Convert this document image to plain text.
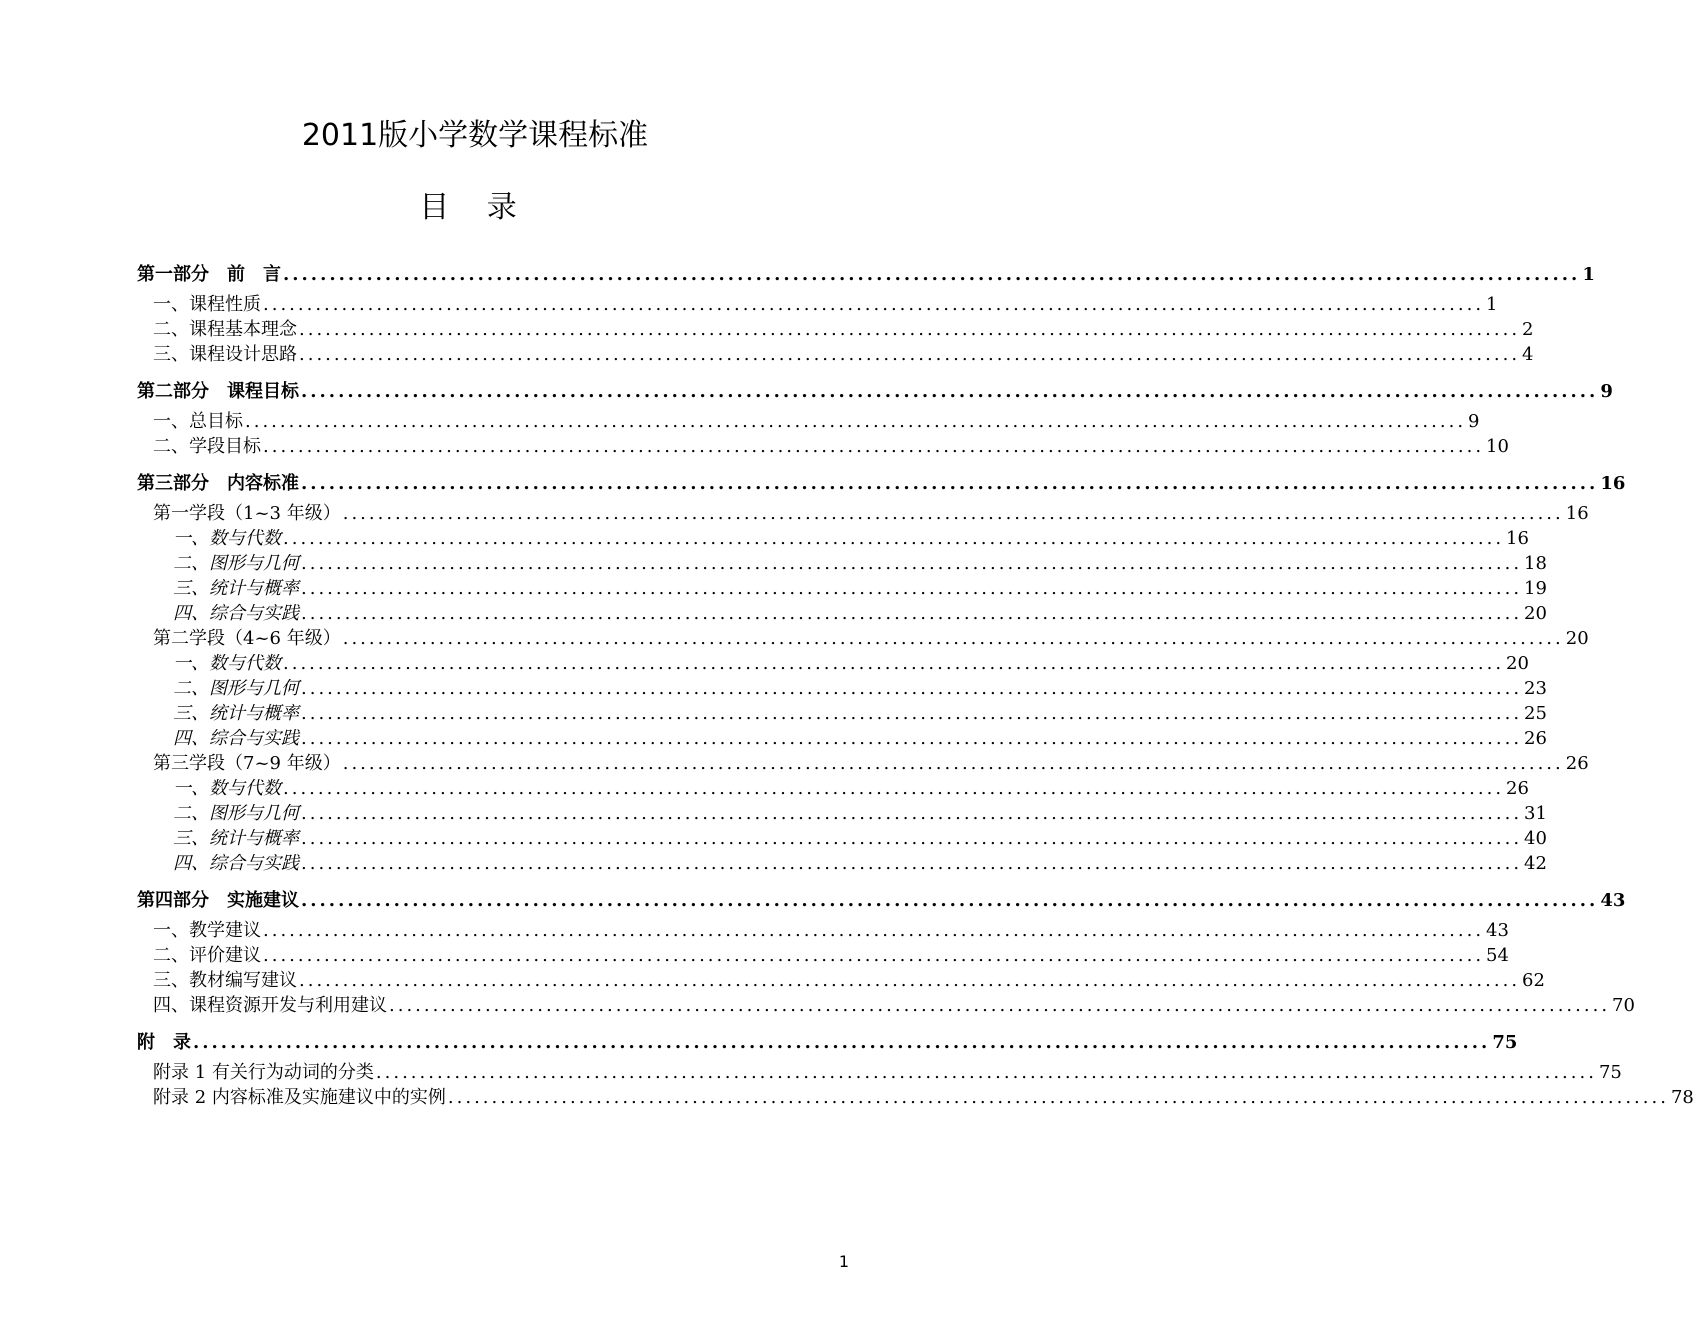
2011版小学数学课程标准
目 录
第一部分　前　言 ............................................................................................................................................ 1
一、课程性质 ............................................................................................................................................ 1
二、课程基本理念 ............................................................................................................................................ 2
三、课程设计思路 ............................................................................................................................................ 4
第二部分　课程目标 ............................................................................................................................................ 9
一、总目标 ............................................................................................................................................ 9
二、学段目标 ............................................................................................................................................ 10
第三部分　内容标准 ............................................................................................................................................ 16
第一学段（1~3 年级） ............................................................................................................................................ 16
一、数与代数 ............................................................................................................................................ 16
二、图形与几何 ............................................................................................................................................ 18
三、统计与概率 ............................................................................................................................................ 19
四、综合与实践 ............................................................................................................................................ 20
第二学段（4~6 年级） ............................................................................................................................................ 20
一、数与代数 ............................................................................................................................................ 20
二、图形与几何 ............................................................................................................................................ 23
三、统计与概率 ............................................................................................................................................ 25
四、综合与实践 ............................................................................................................................................ 26
第三学段（7~9 年级） ............................................................................................................................................ 26
一、数与代数 ............................................................................................................................................ 26
二、图形与几何 ............................................................................................................................................ 31
三、统计与概率 ............................................................................................................................................ 40
四、综合与实践 ............................................................................................................................................ 42
第四部分　实施建议 ............................................................................................................................................ 43
一、教学建议 ............................................................................................................................................ 43
二、评价建议 ............................................................................................................................................ 54
三、教材编写建议 ............................................................................................................................................ 62
四、课程资源开发与利用建议 ............................................................................................................................................ 70
附　录 ............................................................................................................................................ 75
附录 1 有关行为动词的分类 ............................................................................................................................................ 75
附录 2 内容标准及实施建议中的实例 ............................................................................................................................................ 78
1
